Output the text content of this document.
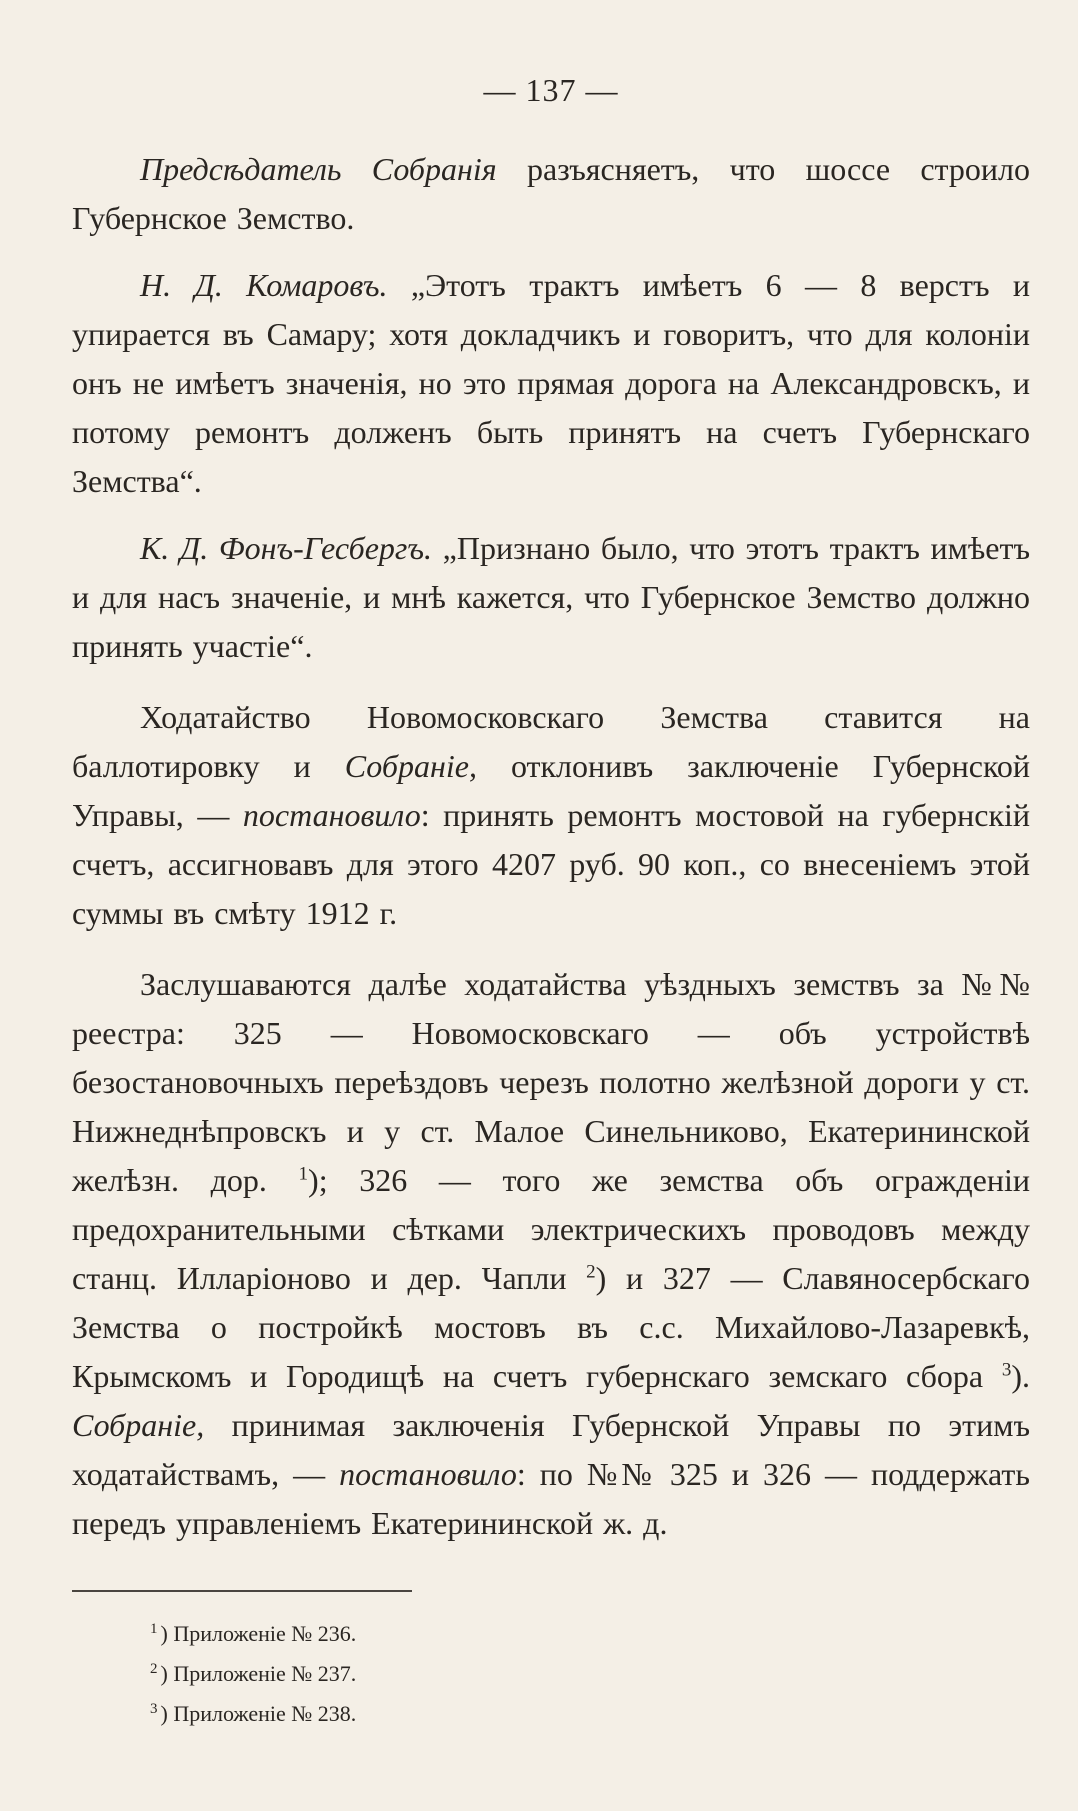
— 137 —

Предсѣдатель Собранія разъясняетъ, что шоссе строило Губернское Земство.

Н. Д. Комаровъ. „Этотъ трактъ имѣетъ 6 — 8 верстъ и упирается въ Самару; хотя докладчикъ и говоритъ, что для колоніи онъ не имѣетъ значенія, но это прямая дорога на Александровскъ, и потому ремонтъ долженъ быть принятъ на счетъ Губернскаго Земства“.

К. Д. Фонъ-Гесбергъ. „Признано было, что этотъ трактъ имѣетъ и для насъ значеніе, и мнѣ кажется, что Губернское Земство должно принять участіе“.

Ходатайство Новомосковскаго Земства ставится на баллотировку и Собраніе, отклонивъ заключеніе Губернской Управы, — постановило: принять ремонтъ мостовой на губернскій счетъ, ассигновавъ для этого 4207 руб. 90 коп., со внесеніемъ этой суммы въ смѣту 1912 г.

Заслушаваются далѣе ходатайства уѣздныхъ земствъ за №№ реестра: 325 — Новомосковскаго — объ устройствѣ безостановочныхъ переѣздовъ черезъ полотно желѣзной дороги у ст. Нижнеднѣпровскъ и у ст. Малое Синельниково, Екатерининской желѣзн. дор. $^1$); 326 — того же земства объ огражденіи предохранительными сѣтками электрическихъ проводовъ между станц. Илларіоново и дер. Чапли $^2$) и 327 — Славяносербскаго Земства о постройкѣ мостовъ въ с.с. Михайлово-Лазаревкѣ, Крымскомъ и Городищѣ на счетъ губернскаго земскаго сбора $^3$). Собраніе, принимая заключенія Губернской Управы по этимъ ходатайствамъ, — постановило: по №№ 325 и 326 — поддержать передъ управленіемъ Екатерининской ж. д.

$^1$ ) Приложеніе № 236.
$^2$ ) Приложеніе № 237.
$^3$ ) Приложеніе № 238.
